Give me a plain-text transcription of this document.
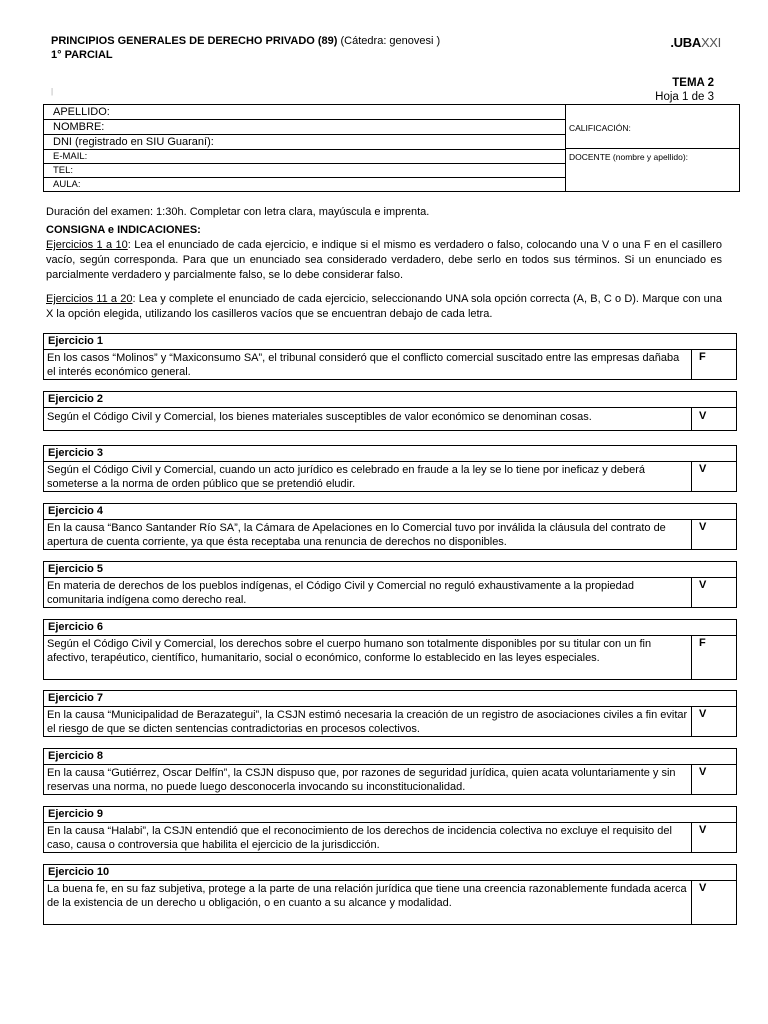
PRINCIPIOS GENERALES DE DERECHO PRIVADO (89) (Cátedra: genovesi )
1° PARCIAL
.UBAXXI
|
TEMA 2
Hoja 1 de 3
APELLIDO:
NOMBRE:
DNI (registrado en SIU Guaraní):
E-MAIL:
TEL:
AULA:
CALIFICACIÓN:
DOCENTE (nombre y apellido):

Duración del examen: 1:30h. Completar con letra clara, mayúscula e imprenta.

CONSIGNA e INDICACIONES:

Ejercicios 1 a 10: Lea el enunciado de cada ejercicio, e indique si el mismo es verdadero o falso, colocando una V o una F en el casillero vacío, según corresponda. Para que un enunciado sea considerado verdadero, debe serlo en todos sus términos. Si un enunciado es parcialmente verdadero y parcialmente falso, se lo debe considerar falso.

Ejercicios 11 a 20: Lea y complete el enunciado de cada ejercicio, seleccionando UNA sola opción correcta (A, B, C o D). Marque con una X la opción elegida, utilizando los casilleros vacíos que se encuentran debajo de cada letra.

Ejercicio 1
En los casos “Molinos” y “Maxiconsumo SA”, el tribunal consideró que el conflicto comercial suscitado entre las empresas dañaba el interés económico general.
F
Ejercicio 2
Según el Código Civil y Comercial, los bienes materiales susceptibles de valor económico se denominan cosas.	V
Ejercicio 3
Según el Código Civil y Comercial, cuando un acto jurídico es celebrado en fraude a la ley se lo tiene por ineficaz y deberá someterse a la norma de orden público que se pretendió eludir.
V
Ejercicio 4
En la causa “Banco Santander Río SA”, la Cámara de Apelaciones en lo Comercial tuvo por inválida la cláusula del contrato de apertura de cuenta corriente, ya que ésta receptaba una renuncia de derechos no disponibles.
V
Ejercicio 5
En materia de derechos de los pueblos indígenas, el Código Civil y Comercial no reguló exhaustivamente a la propiedad comunitaria indígena como derecho real.
V
Ejercicio 6
Según el Código Civil y Comercial, los derechos sobre el cuerpo humano son totalmente disponibles por su titular con un fin afectivo, terapéutico, científico, humanitario, social o económico, conforme lo establecido en las leyes especiales.
F
Ejercicio 7
En la causa “Municipalidad de Berazategui”, la CSJN estimó necesaria la creación de un registro de asociaciones civiles a fin evitar el riesgo de que se dicten sentencias contradictorias en procesos colectivos.
V
Ejercicio 8
En la causa “Gutiérrez, Oscar Delfín”, la CSJN dispuso que, por razones de seguridad jurídica, quien acata voluntariamente y sin reservas una norma, no puede luego desconocerla invocando su inconstitucionalidad.
V
Ejercicio 9
En la causa “Halabi”, la CSJN entendió que el reconocimiento de los derechos de incidencia colectiva no excluye el requisito del caso, causa o controversia que habilita el ejercicio de la jurisdicción.
V
Ejercicio 10
La buena fe, en su faz subjetiva, protege a la parte de una relación jurídica que tiene una creencia razonablemente fundada acerca de la existencia de un derecho u obligación, o en cuanto a su alcance y modalidad.
V
